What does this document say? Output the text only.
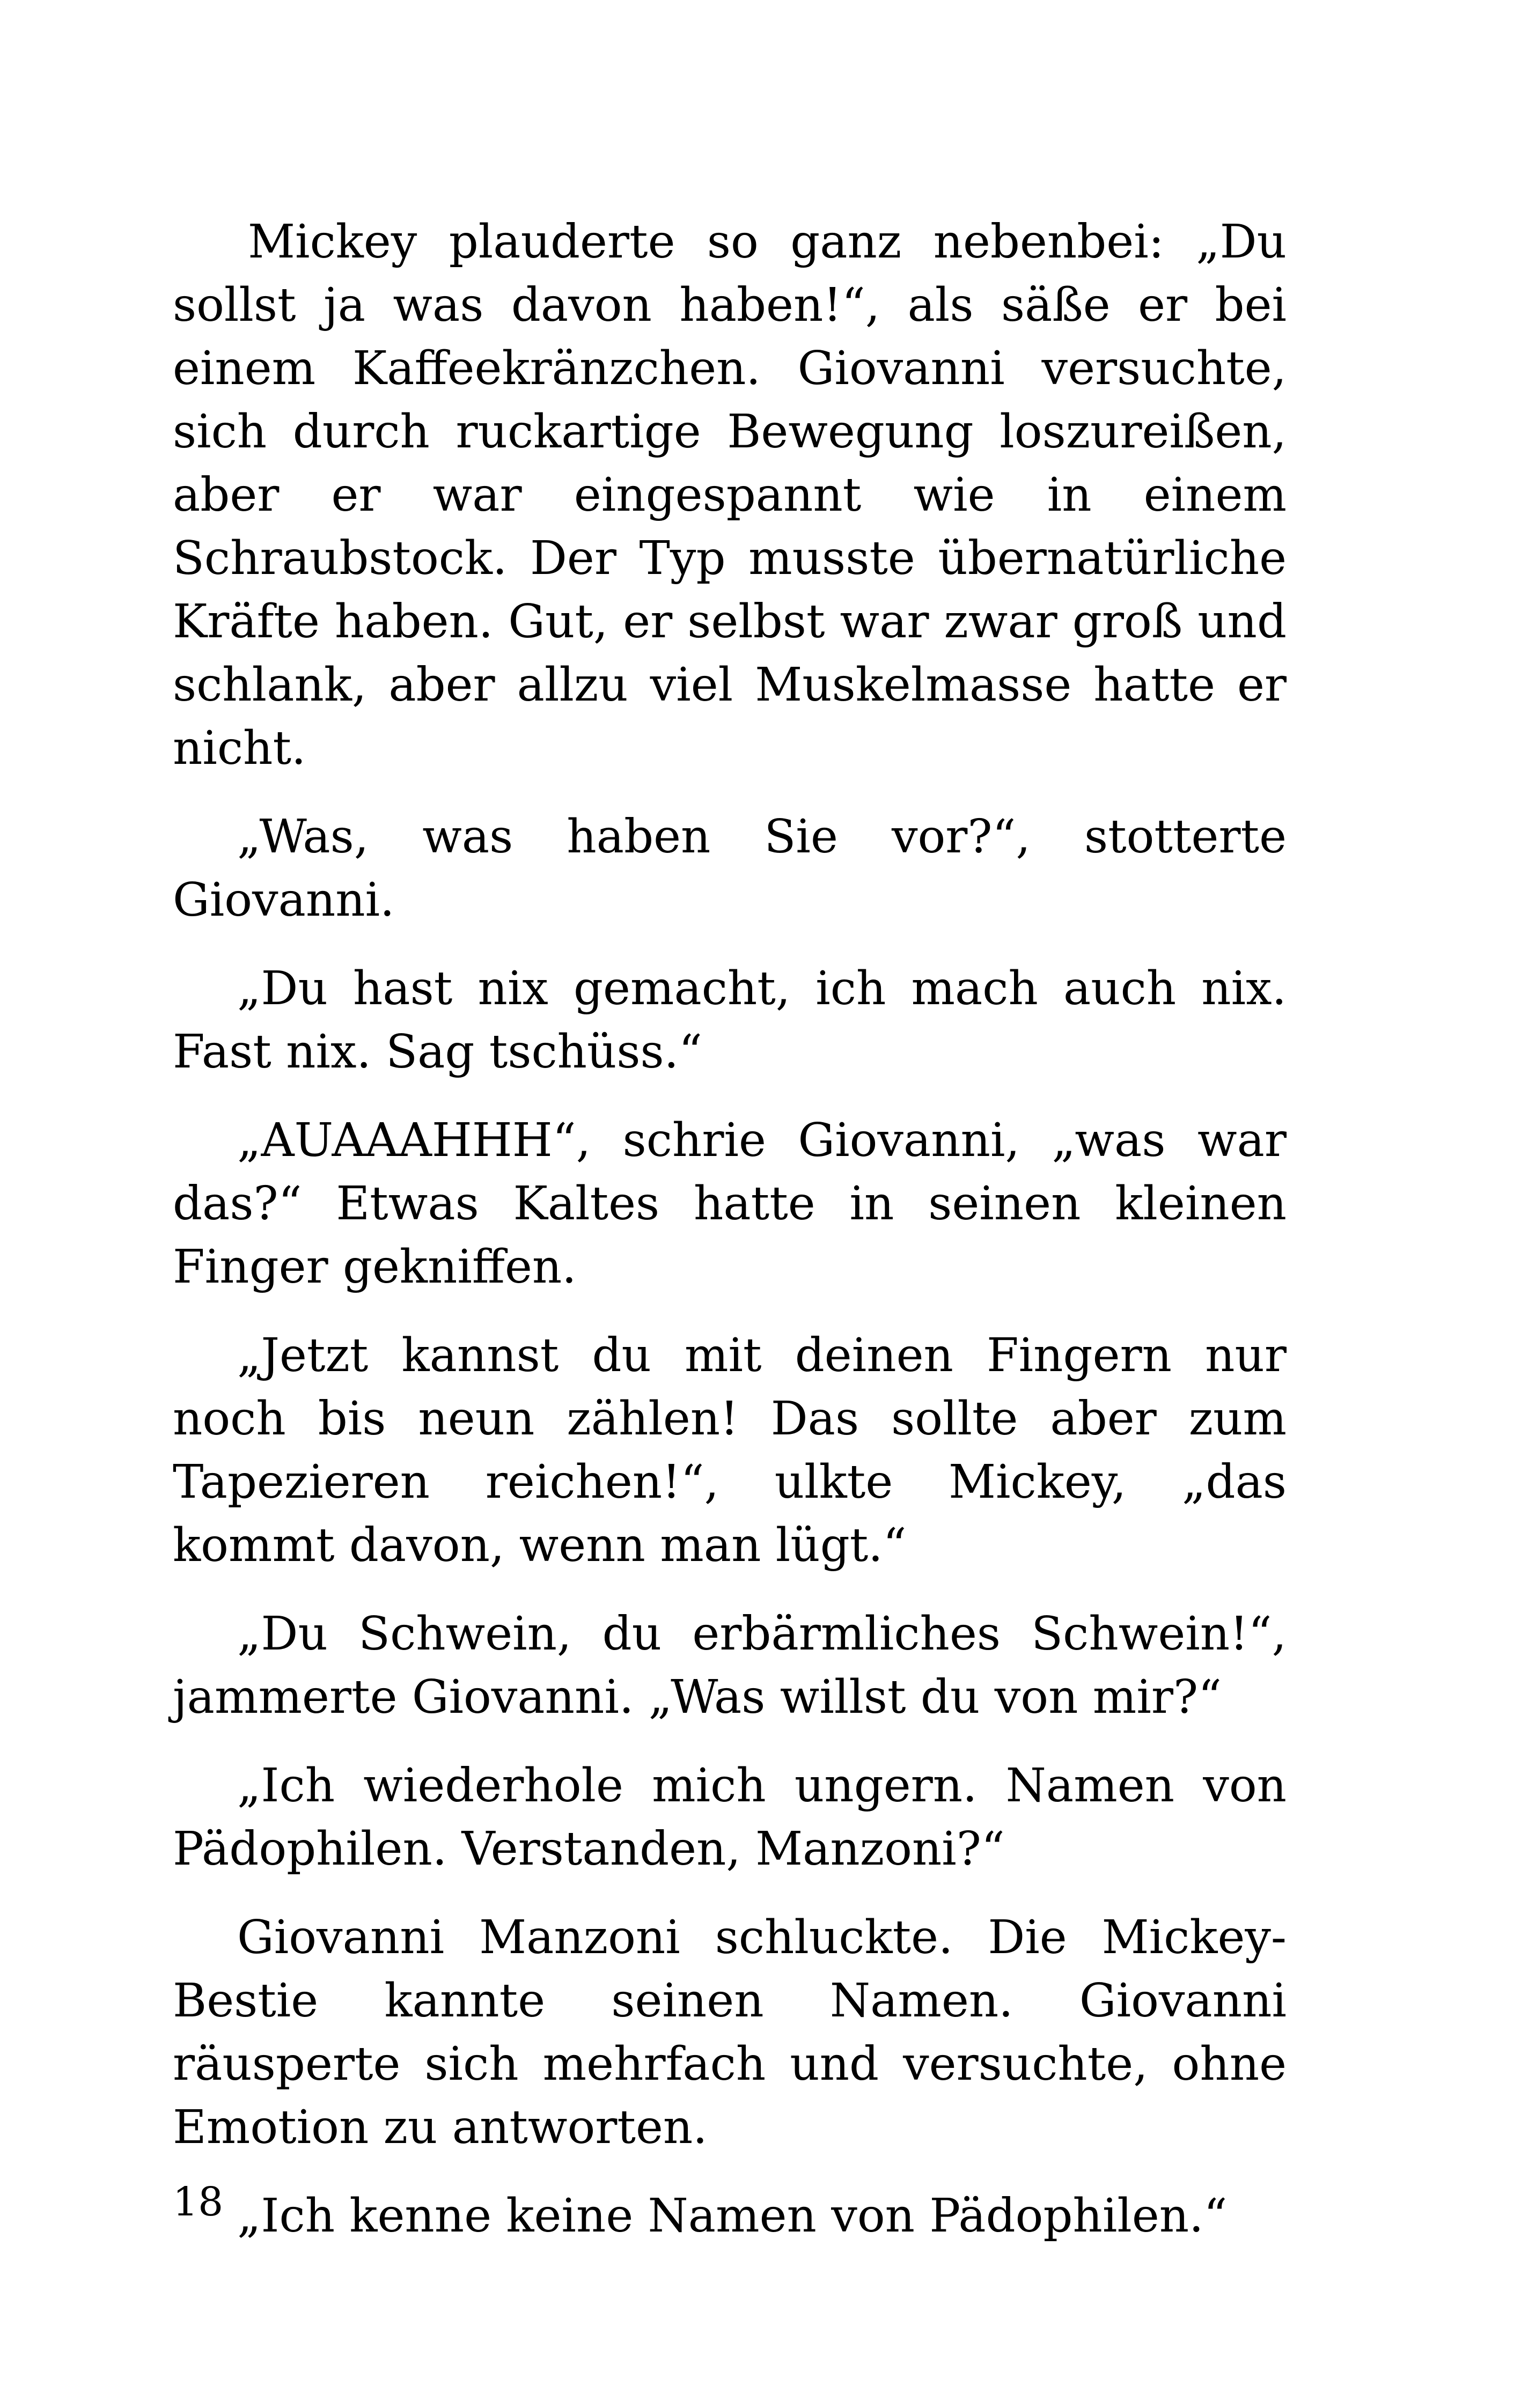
Mickey plauderte so ganz nebenbei: „Du sollst ja was davon haben!“, als säße er bei einem Kaffeekränzchen. Giovanni versuchte, sich durch ruckartige Bewegung loszureißen, aber er war eingespannt wie in einem Schraubstock. Der Typ musste übernatürliche Kräfte haben. Gut, er selbst war zwar groß und schlank, aber allzu viel Muskelmasse hatte er nicht.

„Was, was haben Sie vor?“, stotterte Giovanni.

„Du hast nix gemacht, ich mach auch nix. Fast nix. Sag tschüss.“

„AUAAAHHH“, schrie Giovanni, „was war das?“ Etwas Kaltes hatte in seinen kleinen Finger gekniffen.

„Jetzt kannst du mit deinen Fingern nur noch bis neun zählen! Das sollte aber zum Tapezieren reichen!“, ulkte Mickey, „das kommt davon, wenn man lügt.“

„Du Schwein, du erbärmliches Schwein!“, jammerte Giovanni. „Was willst du von mir?“

„Ich wiederhole mich ungern. Namen von Pädophilen. Verstanden, Manzoni?“

Giovanni Manzoni schluckte. Die Mickey-Bestie kannte seinen Namen. Giovanni räusperte sich mehrfach und versuchte, ohne Emotion zu antworten.

„Ich kenne keine Namen von Pädophilen.“

18
